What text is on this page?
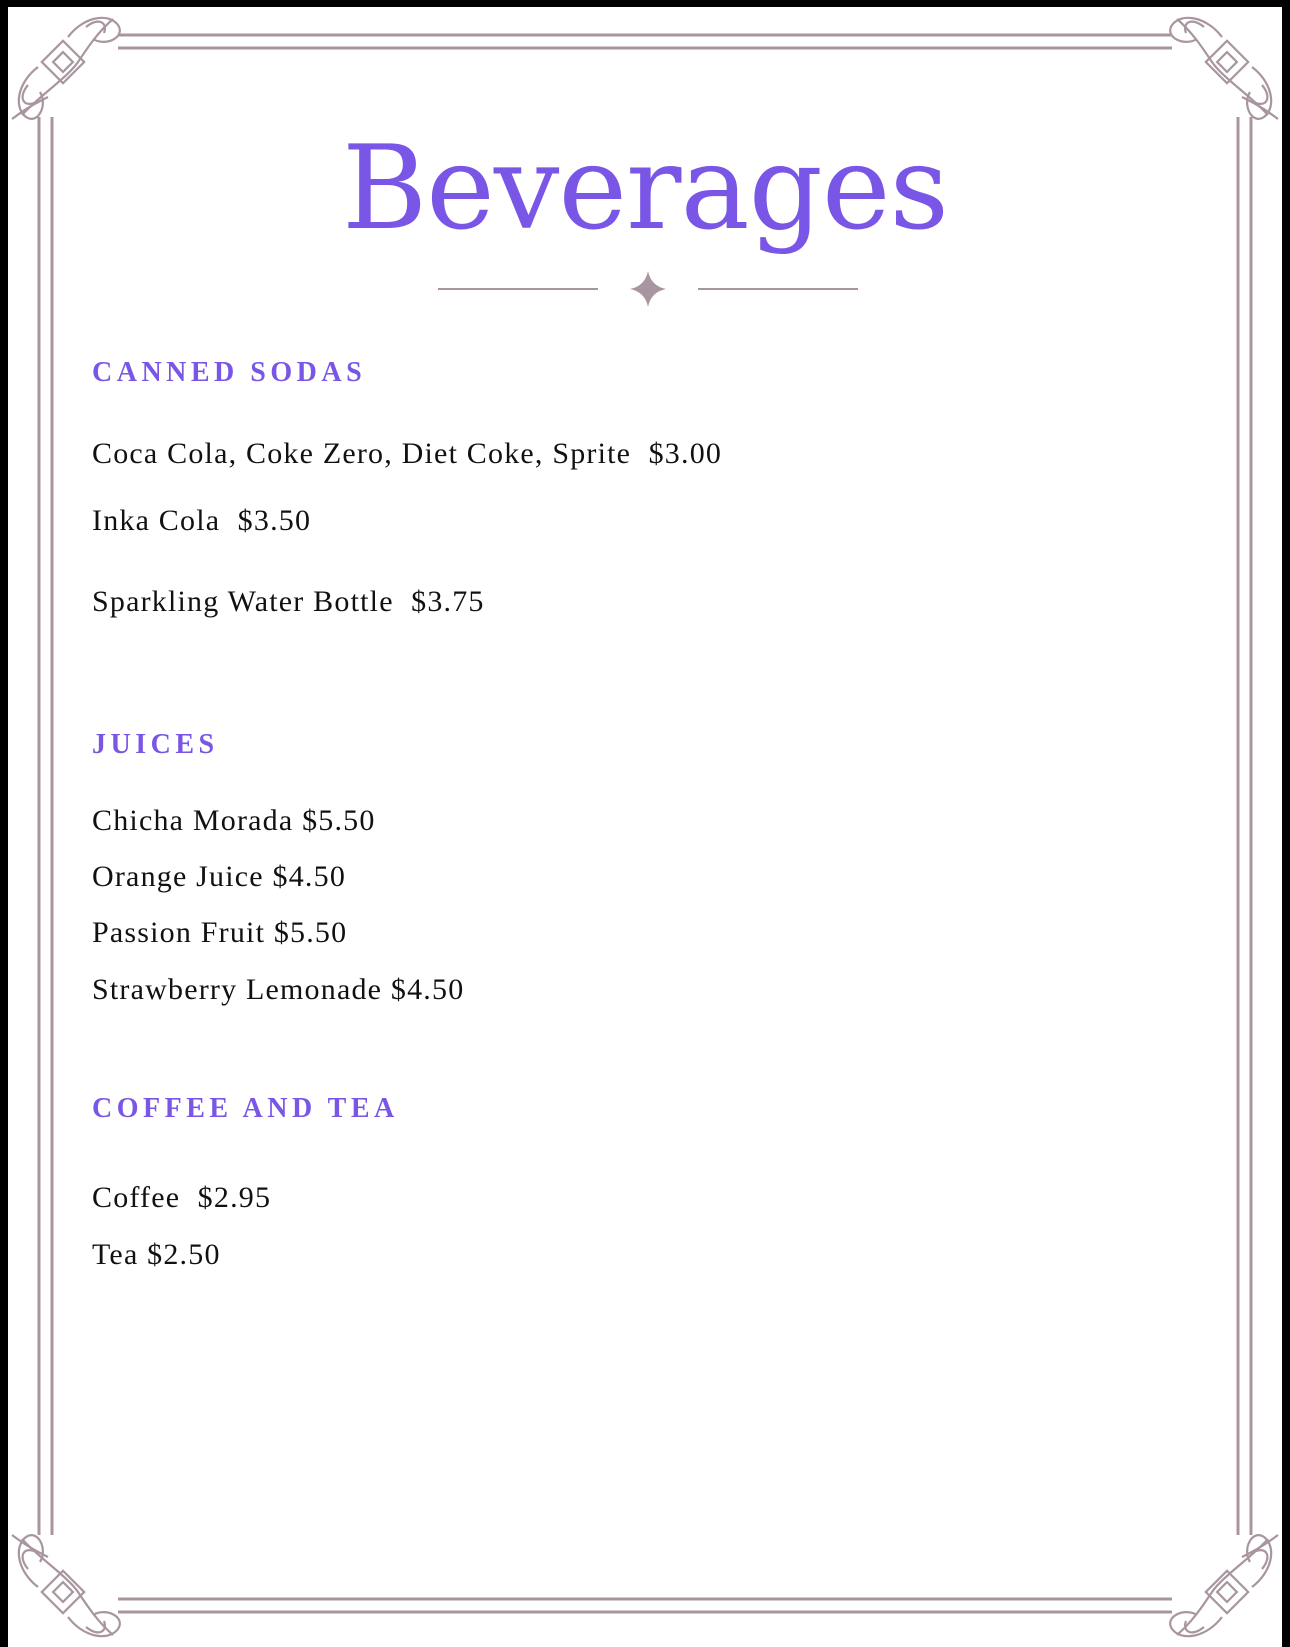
Beverages
CANNED SODAS
Coca Cola, Coke Zero, Diet Coke, Sprite  $3.00
Inka Cola  $3.50
Sparkling Water Bottle  $3.75
JUICES
Chicha Morada $5.50
Orange Juice $4.50
Passion Fruit $5.50
Strawberry Lemonade $4.50
COFFEE AND TEA
Coffee  $2.95
Tea $2.50
